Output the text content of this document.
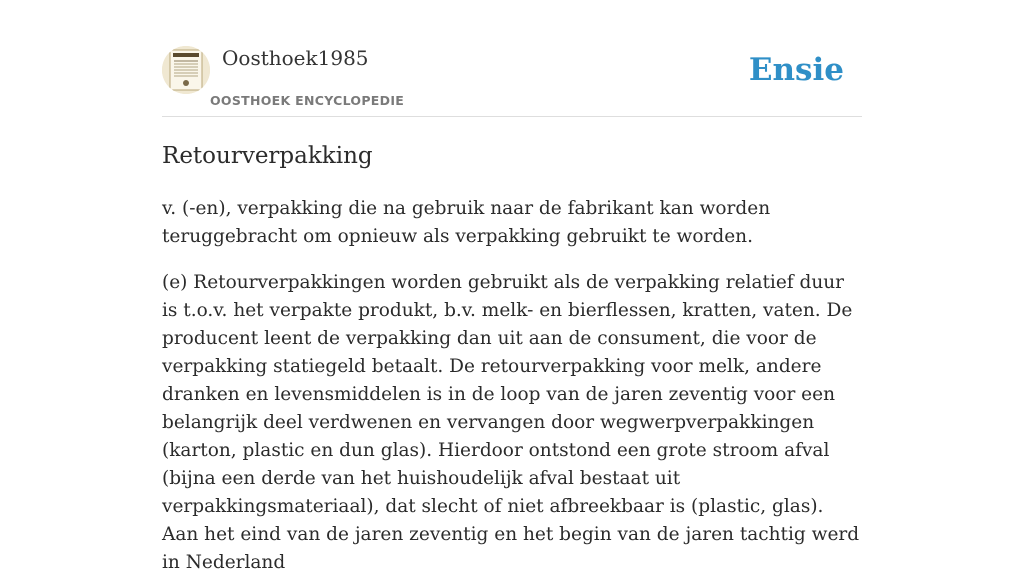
Oosthoek1985
OOSTHOEK ENCYCLOPEDIE
Ensie
Retourverpakking

v. (-en), verpakking die na gebruik naar de fabrikant kan worden teruggebracht om opnieuw als verpakking gebruikt te worden.

(e) Retourverpakkingen worden gebruikt als de verpakking relatief duur is t.o.v. het verpakte produkt, b.v. melk- en bierflessen, kratten, vaten. De producent leent de verpakking dan uit aan de consument, die voor de verpakking statiegeld betaalt. De retourverpakking voor melk, andere dranken en levensmiddelen is in de loop van de jaren zeventig voor een belangrijk deel verdwenen en vervangen door wegwerpverpakkingen (karton, plastic en dun glas). Hierdoor ontstond een grote stroom afval (bijna een derde van het huishoudelijk afval bestaat uit verpakkingsmateriaal), dat slecht of niet afbreekbaar is (plastic, glas). Aan het eind van de jaren zeventig en het begin van de jaren tachtig werd in Nederland
